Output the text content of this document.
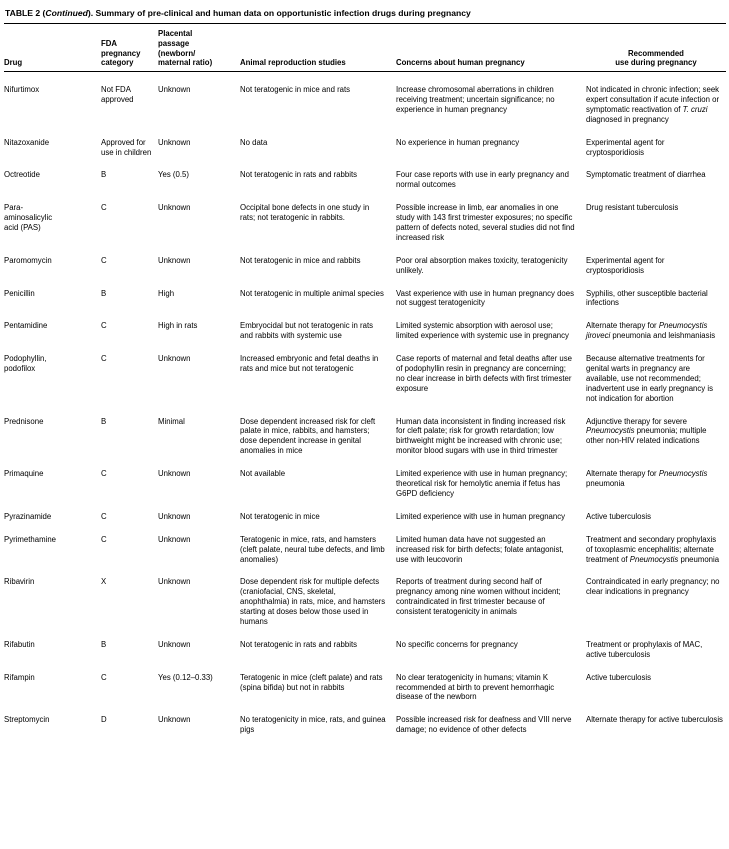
TABLE 2 (Continued). Summary of pre-clinical and human data on opportunistic infection drugs during pregnancy
Drug	FDA
pregnancy
category	Placental
passage
(newborn/
maternal ratio)	Animal reproduction studies	Concerns about human pregnancy	Recommended
use during pregnancy
Nifurtimox	Not FDA approved	Unknown	Not teratogenic in mice and rats	Increase chromosomal aberrations in children receiving treatment; uncertain significance; no experience in human pregnancy	Not indicated in chronic infection; seek expert consultation if acute infection or symptomatic reactivation of T. cruzi diagnosed in pregnancy
Nitazoxanide	Approved for use in children	Unknown	No data	No experience in human pregnancy	Experimental agent for cryptosporidiosis
Octreotide	B	Yes (0.5)	Not teratogenic in rats and rabbits	Four case reports with use in early pregnancy and normal outcomes	Symptomatic treatment of diarrhea
Para-
aminosalicylic
acid (PAS)	C	Unknown	Occipital bone defects in one study in rats; not teratogenic in rabbits.	Possible increase in limb, ear anomalies in one study with 143 first trimester exposures; no specific pattern of defects noted, several studies did not find increased risk	Drug resistant tuberculosis
Paromomycin	C	Unknown	Not teratogenic in mice and rabbits	Poor oral absorption makes toxicity, teratogenicity unlikely.	Experimental agent for cryptosporidiosis
Penicillin	B	High	Not teratogenic in multiple animal species	Vast experience with use in human pregnancy does not suggest teratogenicity	Syphilis, other susceptible bacterial infections
Pentamidine	C	High in rats	Embryocidal but not teratogenic in rats and rabbits with systemic use	Limited systemic absorption with aerosol use; limited experience with systemic use in pregnancy	Alternate therapy for Pneumocystis jiroveci pneumonia and leishmaniasis
Podophyllin,
podofilox	C	Unknown	Increased embryonic and fetal deaths in rats and mice but not teratogenic	Case reports of maternal and fetal deaths after use of podophyllin resin in pregnancy are concerning; no clear increase in birth defects with first trimester exposure	Because alternative treatments for genital warts in pregnancy are available, use not recommended; inadvertent use in early pregnancy is not indication for abortion
Prednisone	B	Minimal	Dose dependent increased risk for cleft palate in mice, rabbits, and hamsters; dose dependent increase in genital anomalies in mice	Human data inconsistent in finding increased risk for cleft palate; risk for growth retardation; low birthweight might be increased with chronic use; monitor blood sugars with use in third trimester	Adjunctive therapy for severe Pneumocystis pneumonia; multiple other non-HIV related indications
Primaquine	C	Unknown	Not available	Limited experience with use in human pregnancy; theoretical risk for hemolytic anemia if fetus has G6PD deficiency	Alternate therapy for Pneumocystis pneumonia
Pyrazinamide	C	Unknown	Not teratogenic in mice	Limited experience with use in human pregnancy	Active tuberculosis
Pyrimethamine	C	Unknown	Teratogenic in mice, rats, and hamsters (cleft palate, neural tube defects, and limb anomalies)	Limited human data have not suggested an increased risk for birth defects; folate antagonist, use with leucovorin	Treatment and secondary prophylaxis of toxoplasmic encephalitis; alternate treatment of Pneumocystis pneumonia
Ribavirin	X	Unknown	Dose dependent risk for multiple defects (craniofacial, CNS, skeletal, anophthalmia) in rats, mice, and hamsters starting at doses below those used in humans	Reports of treatment during second half of pregnancy among nine women without incident; contraindicated in first trimester because of consistent teratogenicity in animals	Contraindicated in early pregnancy; no clear indications in pregnancy
Rifabutin	B	Unknown	Not teratogenic in rats and rabbits	No specific concerns for pregnancy	Treatment or prophylaxis of MAC, active tuberculosis
Rifampin	C	Yes (0.12–0.33)	Teratogenic in mice (cleft palate) and rats (spina bifida) but not in rabbits	No clear teratogenicity in humans; vitamin K recommended at birth to prevent hemorrhagic disease of the newborn	Active tuberculosis
Streptomycin	D	Unknown	No teratogenicity in mice, rats, and guinea pigs	Possible increased risk for deafness and VIII nerve damage; no evidence of other defects	Alternate therapy for active tuberculosis
